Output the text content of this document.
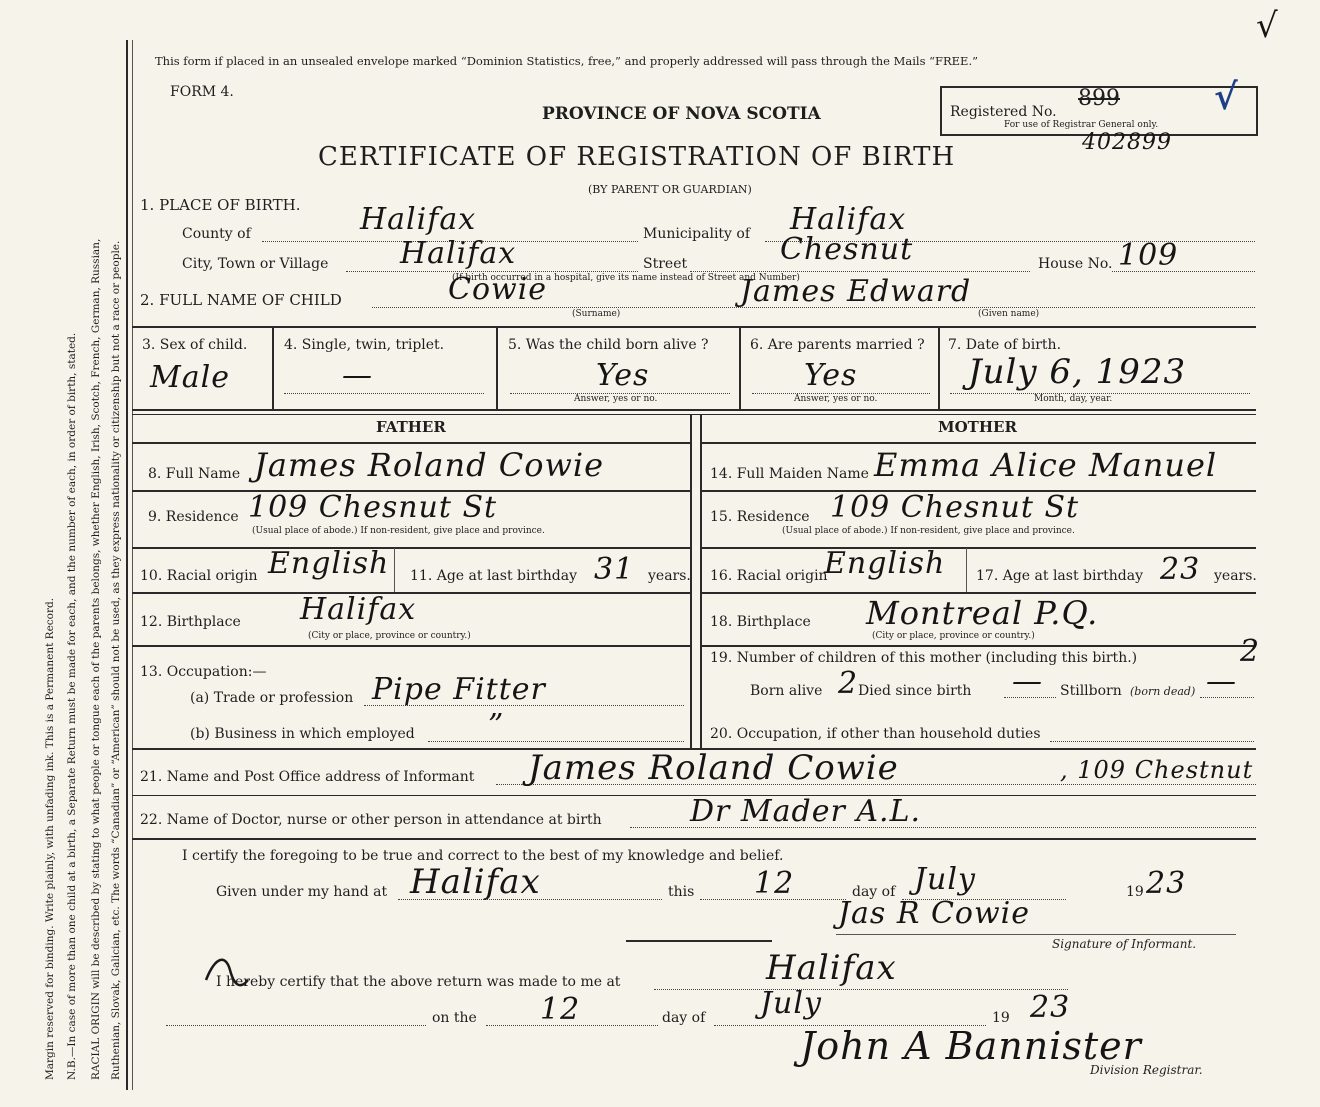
Margin reserved for binding. Write plainly, with unfading ink. This is a Permanent Record. N.B.—In case of more than one child at a birth, a Separate Return must be made for each, and the number of each, in order of birth, stated. RACIAL ORIGIN will be described by stating to what people or tongue each of the parents belongs, whether English, Irish, Scotch, French, German, Russian, Ruthenian, Slovak, Galician, etc. The words “Canadian” or “American” should not be used, as they express nationality or citizenship but not a race or people.
This form if placed in an unsealed envelope marked “Dominion Statistics, free,” and properly addressed will pass through the Mails “FREE.”
FORM 4.
PROVINCE OF NOVA SCOTIA
CERTIFICATE OF REGISTRATION OF BIRTH
(BY PARENT OR GUARDIAN)
Registered No.
899
For use of Registrar General only.
√
402899
√
1. PLACE OF BIRTH.
County of	Halifax	Municipality of Halifax
City, Town or Village Halifax	Street	Chesnut	House No. 109
(If birth occurred in a hospital, give its name instead of Street and Number)
2. FULL NAME OF CHILD	Cowie
(Surname)
James Edward
(Given name)
3. Sex of child.
Male
4. Single, twin, triplet.
—
5. Was the child born alive ?
Yes
Answer, yes or no.
6. Are parents married ?
Yes
Answer, yes or no.
7. Date of birth.
July 6, 1923
Month, day, year.
FATHER	MOTHER
8. Full Name James Roland Cowie
9. Residence 109 Chesnut St
(Usual place of abode.) If non-resident, give place and province.
10. Racial origin English 11. Age at last birthday 31 years.
12. Birthplace Halifax
(City or place, province or country.)
13. Occupation:—
(a) Trade or profession Pipe Fitter
(b) Business in which employed ”
14. Full Maiden Name Emma Alice Manuel
15. Residence 109 Chesnut St
(Usual place of abode.) If non-resident, give place and province.
16. Racial origin
English 17. Age at last birthday 23 years.
18. Birthplace Montreal P.Q.
(City or place, province or country.)
19. Number of children of this mother (including this birth.)	2
Born alive 2 Died since birth — Stillborn (born dead) —
20. Occupation, if other than household duties
21. Name and Post Office address of Informant James Roland Cowie	, 109 Chestnut
22. Name of Doctor, nurse or other person in attendance at birth	Dr Mader A.L.
I certify the foregoing to be true and correct to the best of my knowledge and belief.
Given under my hand at Halifax	this 12	day of July	19 23
Jas R Cowie
Signature of Informant.
I hereby certify that the above return was made to me at	Halifax
on the 12	day of July	19 23
John A Bannister
Division Registrar.
